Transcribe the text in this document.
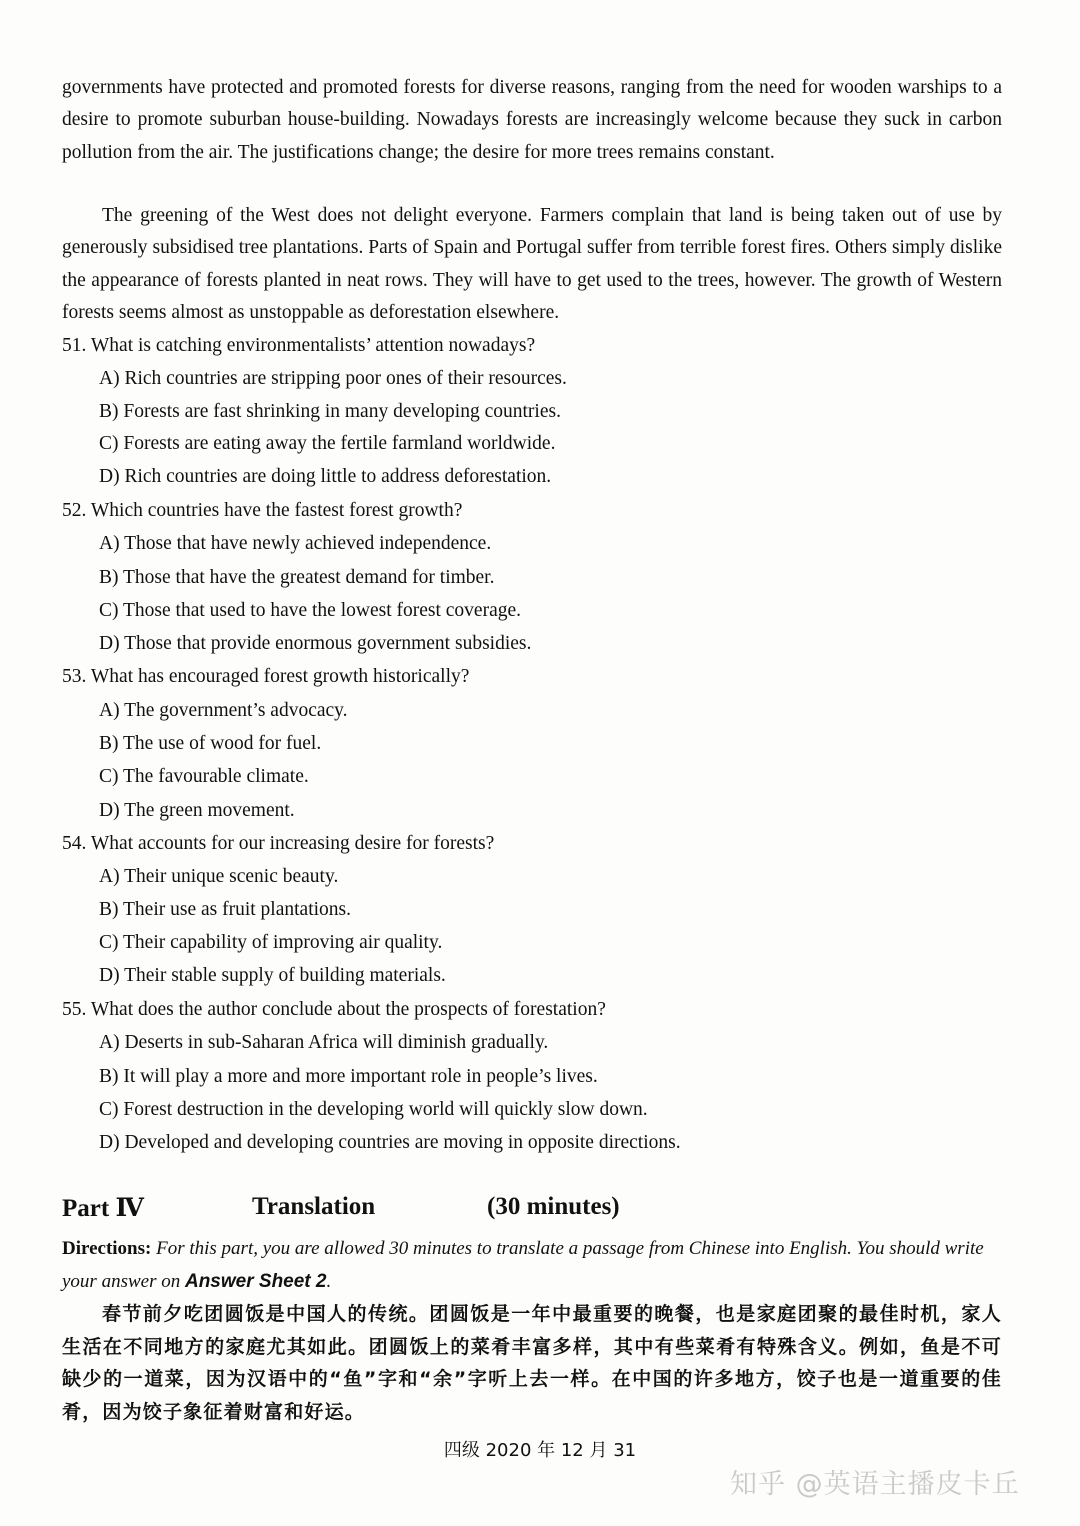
governments have protected and promoted forests for diverse reasons, ranging from the need for wooden warships to a desire to promote suburban house-building. Nowadays forests are increasingly welcome because they suck in carbon pollution from the air. The justifications change; the desire for more trees remains constant.

The greening of the West does not delight everyone. Farmers complain that land is being taken out of use by generously subsidised tree plantations. Parts of Spain and Portugal suffer from terrible forest fires. Others simply dislike the appearance of forests planted in neat rows. They will have to get used to the trees, however. The growth of Western forests seems almost as unstoppable as deforestation elsewhere.

51. What is catching environmentalists’ attention nowadays?

A) Rich countries are stripping poor ones of their resources.

B) Forests are fast shrinking in many developing countries.

C) Forests are eating away the fertile farmland worldwide.

D) Rich countries are doing little to address deforestation.

52. Which countries have the fastest forest growth?

A) Those that have newly achieved independence.

B) Those that have the greatest demand for timber.

C) Those that used to have the lowest forest coverage.

D) Those that provide enormous government subsidies.

53. What has encouraged forest growth historically?

A) The government’s advocacy.

B) The use of wood for fuel.

C) The favourable climate.

D) The green movement.

54. What accounts for our increasing desire for forests?

A) Their unique scenic beauty.

B) Their use as fruit plantations.

C) Their capability of improving air quality.

D) Their stable supply of building materials.

55. What does the author conclude about the prospects of forestation?

A) Deserts in sub-Saharan Africa will diminish gradually.

B) It will play a more and more important role in people’s lives.

C) Forest destruction in the developing world will quickly slow down.

D) Developed and developing countries are moving in opposite directions.

Part Ⅳ	Translation	(30 minutes)

Directions: For this part, you are allowed 30 minutes to translate a passage from Chinese into English. You should write your answer on Answer Sheet 2.

春节前夕吃团圆饭是中国人的传统。团圆饭是一年中最重要的晚餐，也是家庭团聚的最佳时机，家人生活在不同地方的家庭尤其如此。团圆饭上的菜肴丰富多样，其中有些菜肴有特殊含义。例如，鱼是不可缺少的一道菜，因为汉语中的“鱼”字和“余”字听上去一样。在中国的许多地方，饺子也是一道重要的佳肴，因为饺子象征着财富和好运。

四级 2020 年 12 月 31
知乎 @英语主播皮卡丘
